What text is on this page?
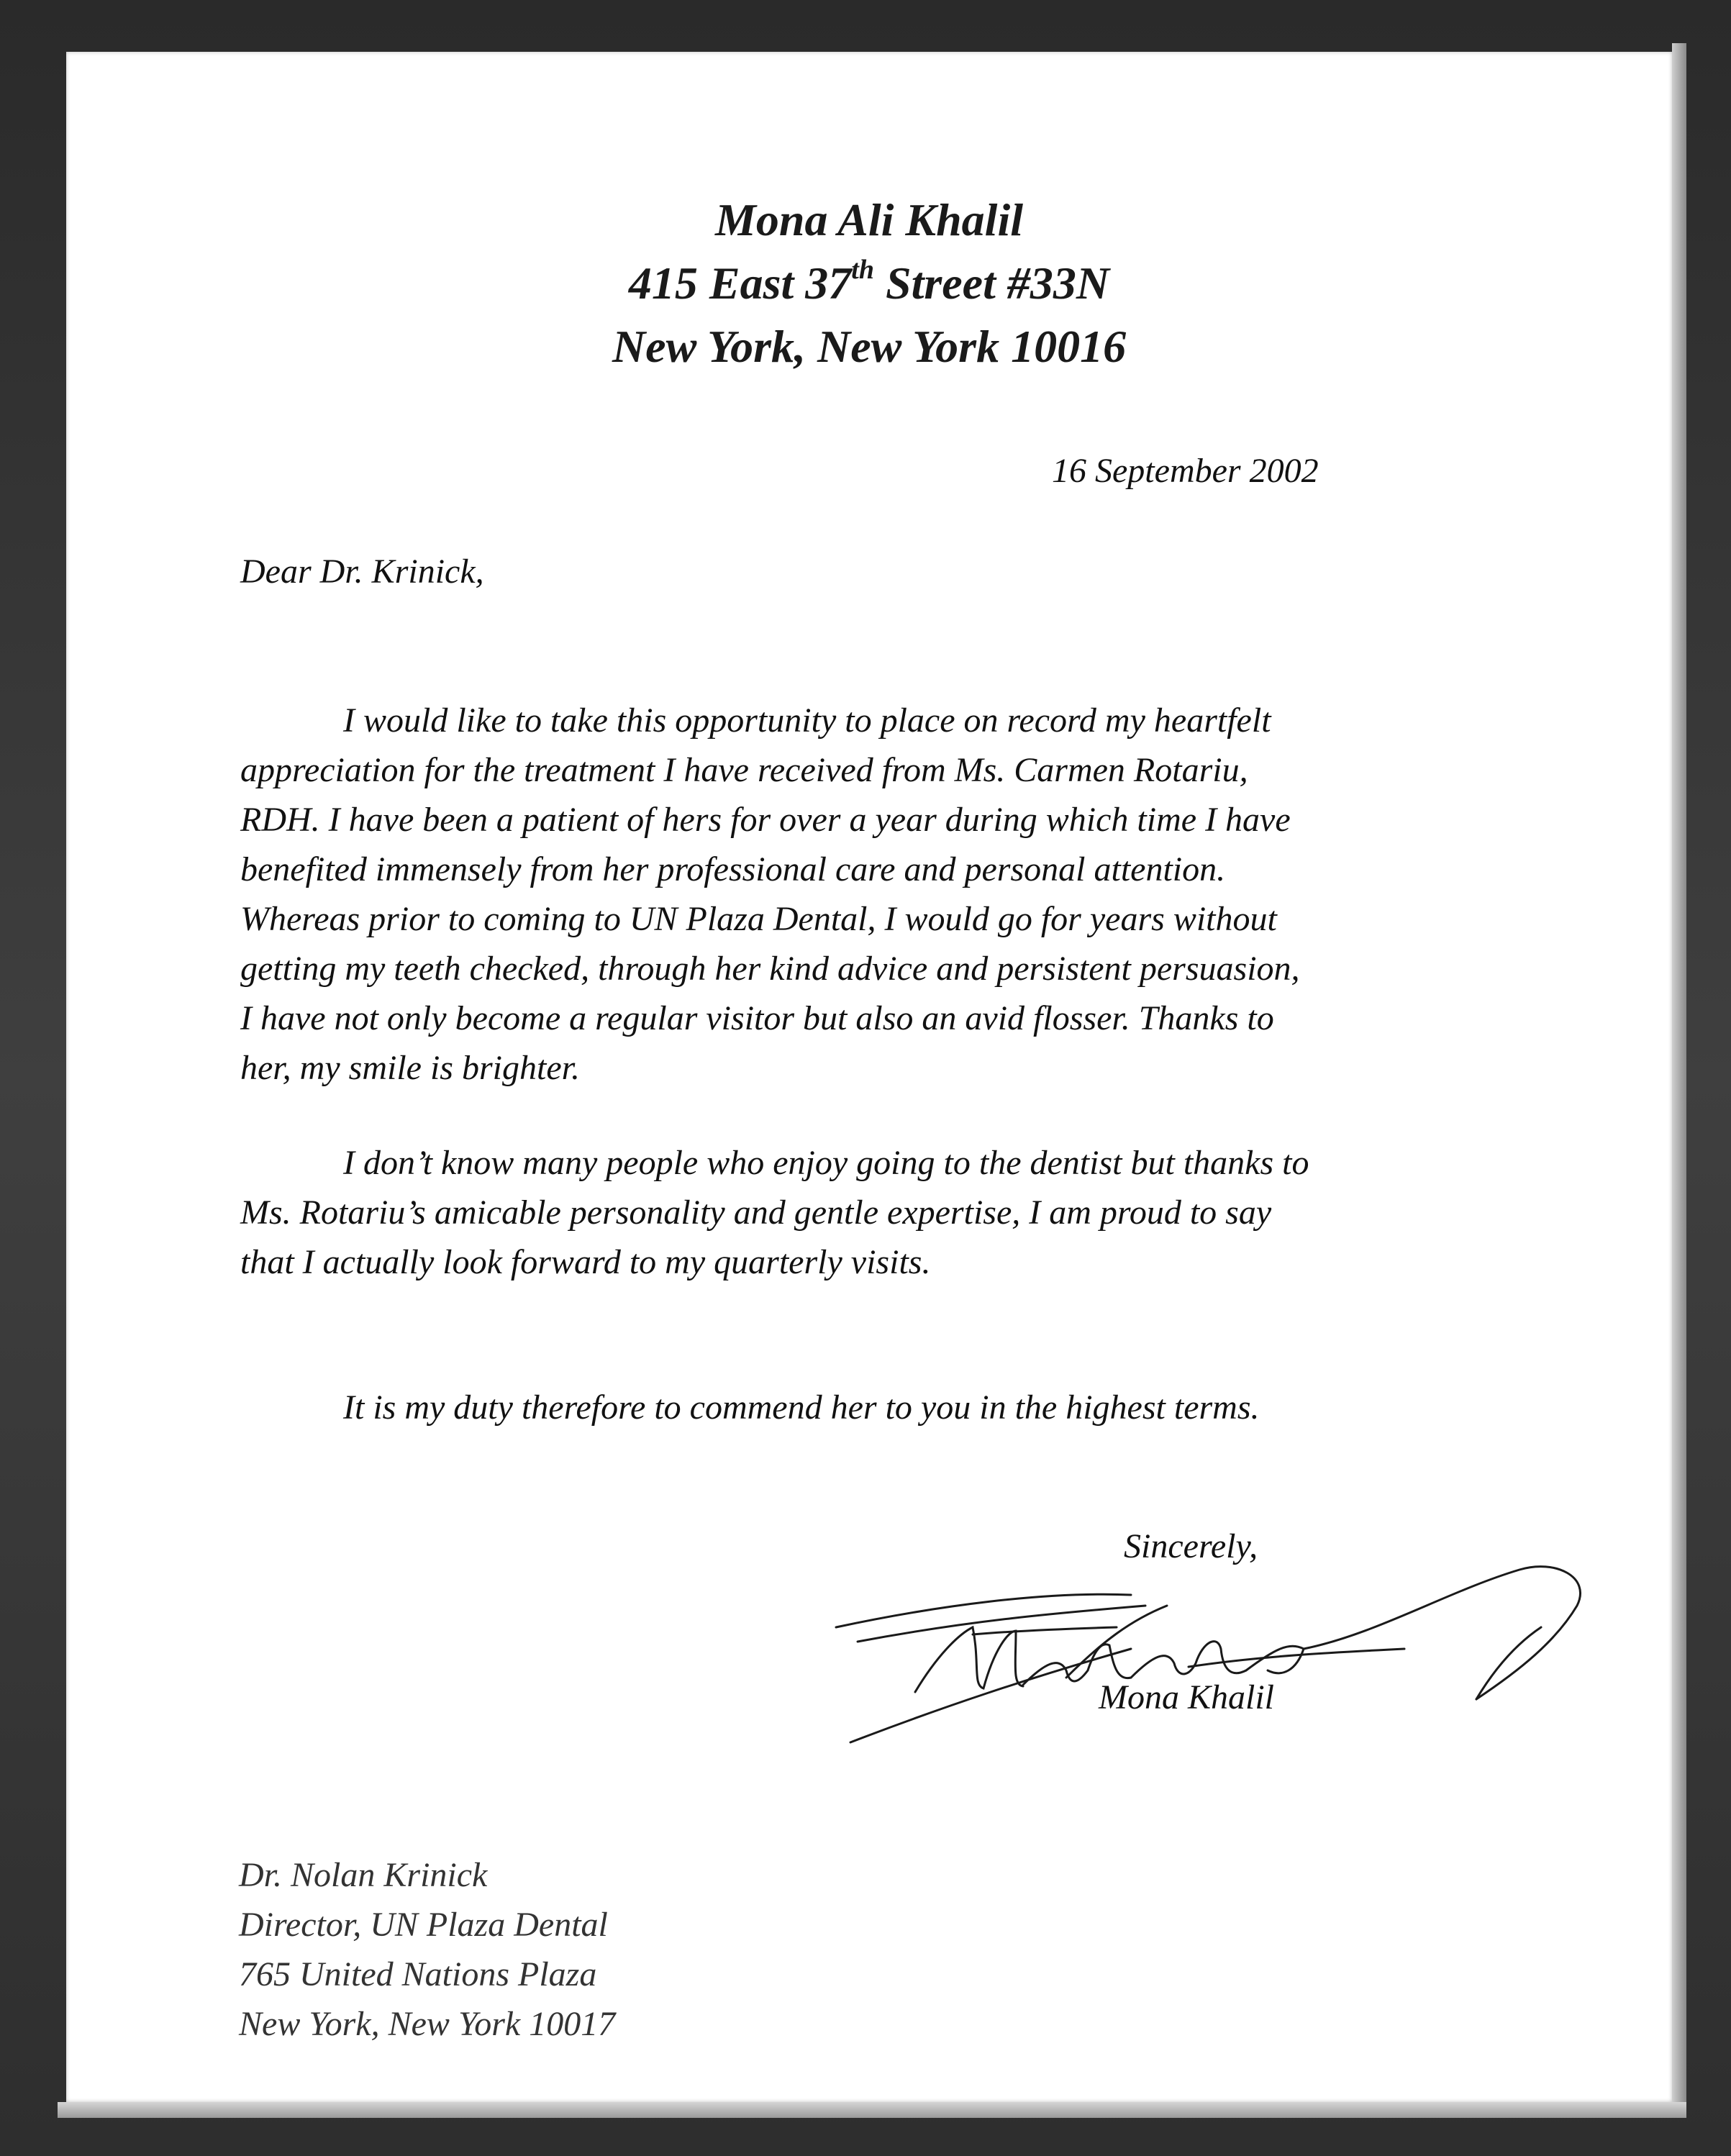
Mona Ali Khalil
415 East 37th Street #33N
New York, New York 10016
16 September 2002
Dear Dr. Krinick,
I would like to take this opportunity to place on record my heartfelt
appreciation for the treatment I have received from Ms. Carmen Rotariu,
RDH. I have been a patient of hers for over a year during which time I have
benefited immensely from her professional care and personal attention.
Whereas prior to coming to UN Plaza Dental, I would go for years without
getting my teeth checked, through her kind advice and persistent persuasion,
I have not only become a regular visitor but also an avid flosser. Thanks to
her, my smile is brighter.
I don’t know many people who enjoy going to the dentist but thanks to
Ms. Rotariu’s amicable personality and gentle expertise, I am proud to say
that I actually look forward to my quarterly visits.
It is my duty therefore to commend her to you in the highest terms.
Sincerely,
Mona Khalil
Dr. Nolan Krinick
Director, UN Plaza Dental
765 United Nations Plaza
New York, New York 10017
